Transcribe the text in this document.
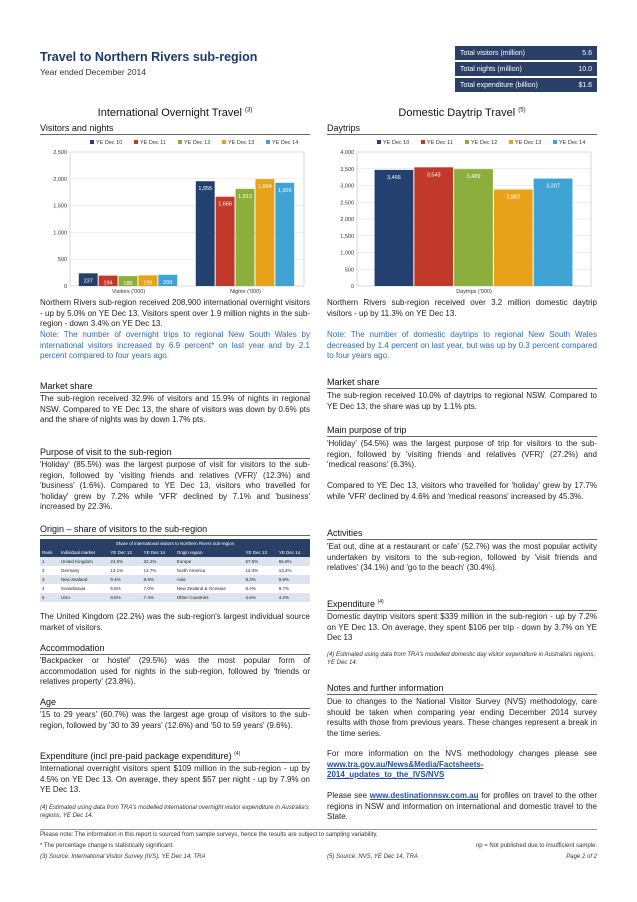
Travel to Northern Rivers sub-region
Year ended December 2014
Total visitors (million)	5.6
Total nights (million)	10.0
Total expenditure (billion)	$1.6
International Overnight Travel $^{(3)}$
Visitors and nights
0
500
1,000
1,500
2,000
2,500
YE Dec 10	YE Dec 11	YE Dec 12	YE Dec 13	YE Dec 14
237 194 185 199 209
Visitors ('000)
1,955
1,666
1,813
1,994
1,926
Nights ('000)
Northern Rivers sub-region received 208,900 international overnight visitors - up by 5.0% on YE Dec 13. Visitors spent over 1.9 million nights in the sub-region - down 3.4% on YE Dec 13.
Note: The number of overnight trips to regional New South Wales by international visitors increased by 6.9 percent* on last year and by 2.1 percent compared to four years ago.
Market share
The sub-region received 32.9% of visitors and 15.9% of nights in regional NSW. Compared to YE Dec 13, the share of visitors was down by 0.6% pts and the share of nights was by down 1.7% pts.
Purpose of visit to the sub-region
'Holiday' (85.5%) was the largest purpose of visit for visitors to the sub-region, followed by 'visiting friends and relatives (VFR)' (12.3%) and 'business' (1.6%). Compared to YE Dec 13, visitors who travelled for 'holiday' grew by 7.2% while 'VFR' declined by 7.1% and 'business' increased by 22.3%.
Origin – share of visitors to the sub-region
Share of international visitors to Northern Rivers sub-region						
Rank	Individual market	YE Dec 13	YE Dec 14	Origin region	YE Dec 13	YE Dec 14
1	United Kingdom	24.0%	22.2%	Europe	67.5%	66.9%
2	Germany	13.1%	14.7%	North America	12.4%	13.4%
3	New Zealand	9.4%	8.9%	Asia	9.3%	9.9%
4	Scandinavia	6.6%	7.0%	New Zealand & Oceania	9.4%	8.7%
5	USA	8.5%	7.4%	Other Countries	4.6%	4.2%
The United Kingdom (22.2%) was the sub-region's largest individual source market of visitors.
Accommodation
'Backpacker or hostel' (29.5%) was the most popular form of accommodation used for nights in the sub-region, followed by 'friends or relatives property' (23.8%).
Age
'15 to 29 years' (60.7%) was the largest age group of visitors to the sub-region, followed by '30 to 39 years' (12.6%) and '50 to 59 years' (9.6%).
Expenditure (incl pre-paid package expenditure) $^{(4)}$
International overnight visitors spent $109 million in the sub-region - up by 4.5% on YE Dec 13. On average, they spent $57 per night - up by 7.9% on YE Dec 13.
(4) Estimated using data from TRA's modelled international overnight visitor expenditure in Australia's regions, YE Dec 14.
Domestic Daytrip Travel $^{(5)}$
Daytrips
0
500
1,000
1,500
2,000
2,500
3,000
3,500
4,000
YE Dec 10	YE Dec 11	YE Dec 12	YE Dec 13	YE Dec 14
3,466	3,543	3,489
2,882
3,207
Daytrips ('000)
Northern Rivers sub-region received over 3.2 million domestic daytrip visitors - up by 11.3% on YE Dec 13.
Note: The number of domestic daytrips to regional New South Wales decreased by 1.4 percent on last year, but was up by 0.3 percent compared to four years ago.
Market share
The sub-region received 10.0% of daytrips to regional NSW. Compared to YE Dec 13, the share was up by 1.1% pts.
Main purpose of trip
'Holiday' (54.5%) was the largest purpose of trip for visitors to the sub-region, followed by 'visiting friends and relatives (VFR)' (27.2%) and 'medical reasons' (6.3%).
Compared to YE Dec 13, visitors who travelled for 'holiday' grew by 17.7% while 'VFR' declined by 4.6% and 'medical reasons' increased by 45.3%.
Activities
'Eat out, dine at a restaurant or cafe' (52.7%) was the most popular activity undertaken by visitors to the sub-region, followed by 'visit friends and relatives' (34.1%) and 'go to the beach' (30.4%).
Expenditure $^{(4)}$
Domestic daytrip visitors spent $339 million in the sub-region - up by 7.2% on YE Dec 13. On average, they spent $106 per trip - down by 3.7% on YE Dec 13
(4) Estimated using data from TRA's modelled domestic day visitor expenditure in Australia's regions, YE Dec 14.
Notes and further information
Due to changes to the National Visitor Survey (NVS) methodology, care should be taken when comparing year ending December 2014 survey results with those from previous years. These changes represent a break in the time series.
For more information on the NVS methodology changes please see www.tra.gov.au/News&Media/Factsheets-2014_updates_to_the_IVS/NVS
Please see www.destinationnsw.com.au for profiles on travel to the other regions in NSW and information on international and domestic travel to the State.
Please note: The information in this report is sourced from sample surveys, hence the results are subject to sampling variability.
* The percentage change is statistically significant.	np = Not published due to insufficient sample.
(3) Source: International Visitor Survey (IVS), YE Dec 14, TRA	(5) Source: NVS, YE Dec 14, TRA	Page 2 of 2
